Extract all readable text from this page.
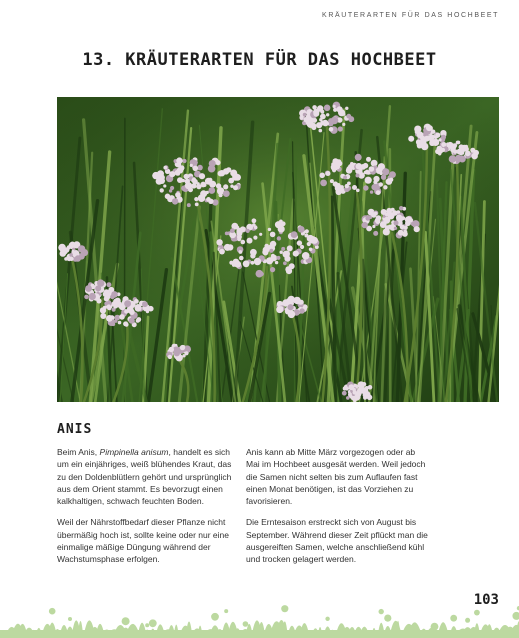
KRÄUTERARTEN FÜR DAS HOCHBEET
13. KRÄUTERARTEN FÜR DAS HOCHBEET
ANIS

Beim Anis, Pimpinella anisum, handelt es sich um ein einjähriges, weiß blühendes Kraut, das zu den Doldenblütlern gehört und ursprünglich aus dem Orient stammt. Es bevorzugt einen kalkhaltigen, schwach feuchten Boden.

Weil der Nährstoffbedarf dieser Pflanze nicht übermäßig hoch ist, sollte keine oder nur eine einmalige mäßige Düngung während der Wachstumsphase erfolgen.

Anis kann ab Mitte März vorgezogen oder ab Mai im Hochbeet ausgesät werden. Weil jedoch die Samen nicht selten bis zum Auflaufen fast einen Monat benötigen, ist das Vorziehen zu favorisieren.

Die Erntesaison erstreckt sich von August bis September. Während dieser Zeit pflückt man die ausgereiften Samen, welche anschließend kühl und trocken gelagert werden.

103
